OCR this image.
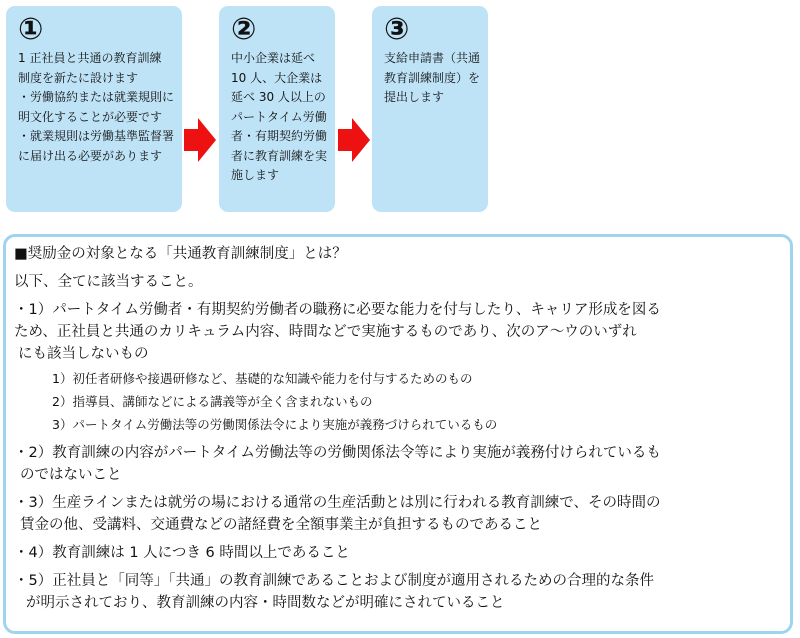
①
1 正社員と共通の教育訓練
制度を新たに設けます
・労働協約または就業規則に
明文化することが必要です
・就業規則は労働基準監督署
に届け出る必要があります
②
中小企業は延べ
10 人、大企業は
延べ 30 人以上の
パートタイム労働
者・有期契約労働
者に教育訓練を実
施します
③
支給申請書（共通
教育訓練制度）を
提出します
■奨励金の対象となる「共通教育訓練制度」とは？
以下、全てに該当すること。
・1）パートタイム労働者・有期契約労働者の職務に必要な能力を付与したり、キャリア形成を図る
ため、正社員と共通のカリキュラム内容、時間などで実施するものであり、次のア～ウのいずれ
にも該当しないもの
1）初任者研修や接遇研修など、基礎的な知識や能力を付与するためのもの
2）指導員、講師などによる講義等が全く含まれないもの
3）パートタイム労働法等の労働関係法令により実施が義務づけられているもの
・2）教育訓練の内容がパートタイム労働法等の労働関係法令等により実施が義務付けられているも
のではないこと
・3）生産ラインまたは就労の場における通常の生産活動とは別に行われる教育訓練で、その時間の
賃金の他、受講料、交通費などの諸経費を全額事業主が負担するものであること
・4）教育訓練は 1 人につき 6 時間以上であること
・5）正社員と「同等」「共通」の教育訓練であることおよび制度が適用されるための合理的な条件
が明示されており、教育訓練の内容・時間数などが明確にされていること
